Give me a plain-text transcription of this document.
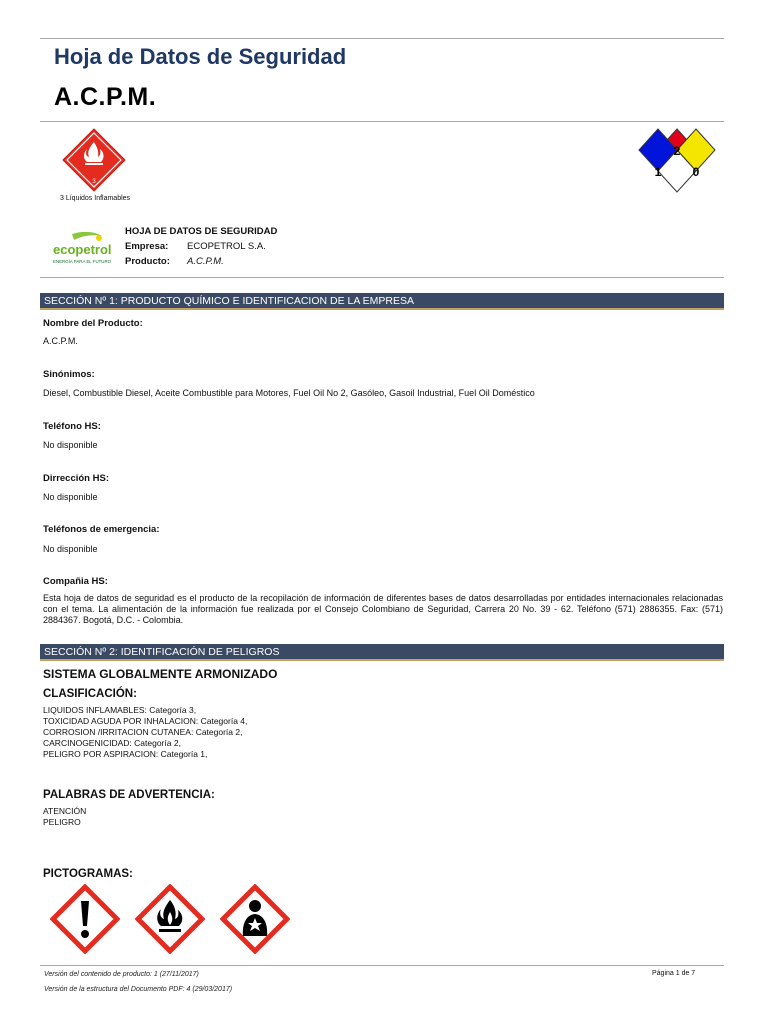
Hoja de Datos de Seguridad
A.C.P.M.
3
3 Líquidos Inflamables
2
1	0
ecopetrol
ENERGÍA PARA EL FUTURO
HOJA DE DATOS DE SEGURIDAD
Empresa: ECOPETROL S.A.
Producto: A.C.P.M.
SECCIÓN Nº 1: PRODUCTO QUÍMICO E IDENTIFICACION DE LA EMPRESA
Nombre del Producto:
A.C.P.M.
Sinónimos:
Diesel, Combustible Diesel, Aceite Combustible para Motores, Fuel Oil No 2, Gasóleo, Gasoil Industrial, Fuel Oil Doméstico
Teléfono HS:
No disponible
Dirrección HS:
No disponible
Teléfonos de emergencia:
No disponible
Compañia HS:
Esta hoja de datos de seguridad es el producto de la recopilación de información de diferentes bases de datos desarrolladas por entidades internacionales relacionadas con el tema. La alimentación de la información fue realizada por el Consejo Colombiano de Seguridad, Carrera 20 No. 39 - 62. Teléfono (571) 2886355. Fax: (571) 2884367. Bogotá, D.C. - Colombia.
SECCIÓN Nº 2: IDENTIFICACIÓN DE PELIGROS
SISTEMA GLOBALMENTE ARMONIZADO
CLASIFICACIÓN:
LIQUIDOS INFLAMABLES: Categoría 3,
TOXICIDAD AGUDA POR INHALACION: Categoría 4,
CORROSION /IRRITACION CUTANEA: Categoría 2,
CARCINOGENICIDAD: Categoría 2,
PELIGRO POR ASPIRACION: Categoría 1,
PALABRAS DE ADVERTENCIA:
ATENCIÓN
PELIGRO
PICTOGRAMAS:
Versión del contenido de producto: 1 (27/11/2017)
Versión de la estructura del Documento PDF: 4 (29/03/2017)
Página 1 de 7
